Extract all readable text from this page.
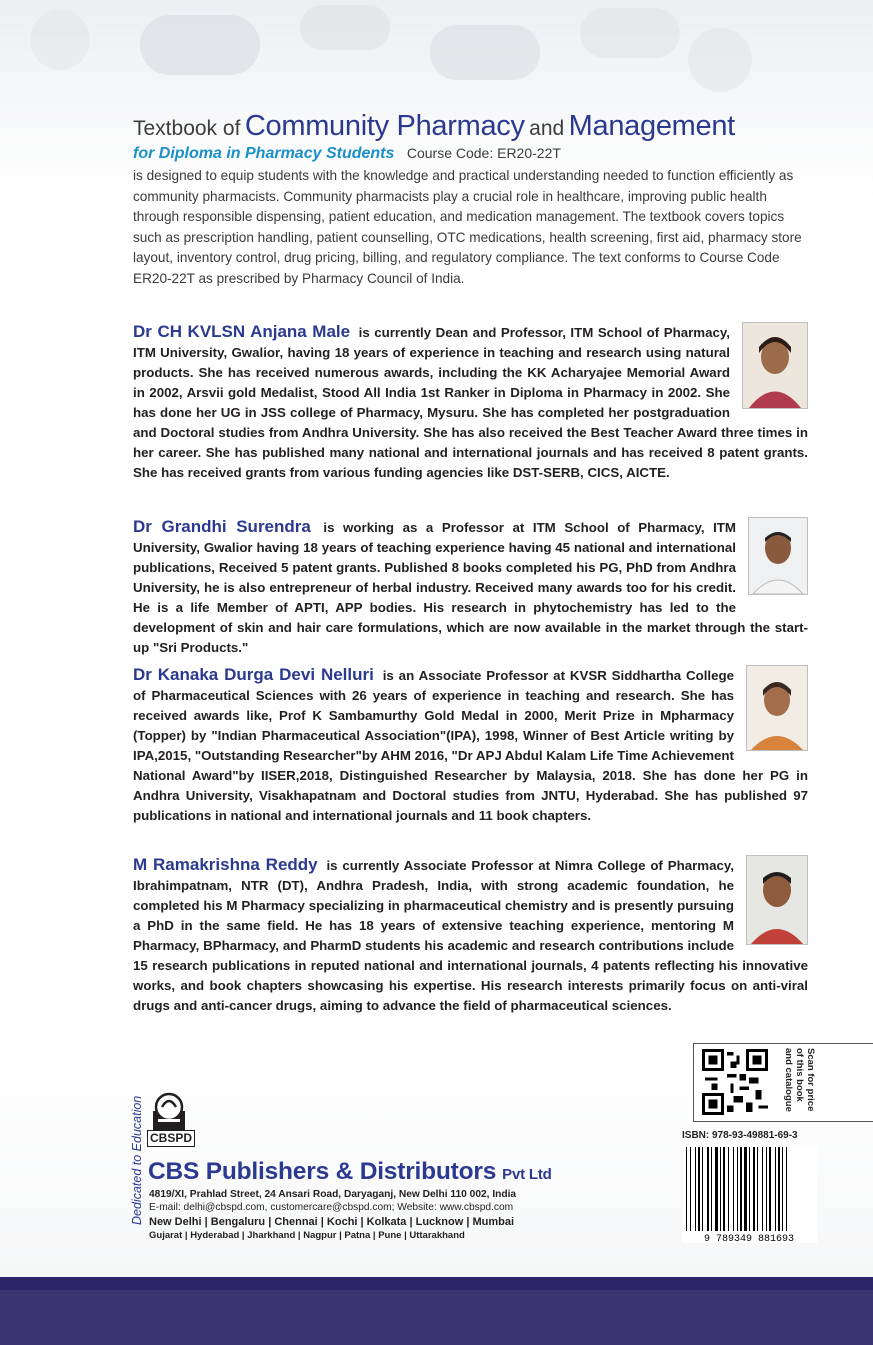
Textbook of Community Pharmacy and Management
for Diploma in Pharmacy Students Course Code: ER20-22T
is designed to equip students with the knowledge and practical understanding needed to function efficiently as community pharmacists. Community pharmacists play a crucial role in healthcare, improving public health through responsible dispensing, patient education, and medication management. The textbook covers topics such as prescription handling, patient counselling, OTC medications, health screening, first aid, pharmacy store layout, inventory control, drug pricing, billing, and regulatory compliance. The text conforms to Course Code ER20-22T as prescribed by Pharmacy Council of India.
Dr CH KVLSN Anjana Male is currently Dean and Professor, ITM School of Pharmacy, ITM University, Gwalior, having 18 years of experience in teaching and research using natural products. She has received numerous awards, including the KK Acharyajee Memorial Award in 2002, Arsvii gold Medalist, Stood All India 1st Ranker in Diploma in Pharmacy in 2002. She has done her UG in JSS college of Pharmacy, Mysuru. She has completed her postgraduation and Doctoral studies from Andhra University. She has also received the Best Teacher Award three times in her career. She has published many national and international journals and has received 8 patent grants. She has received grants from various funding agencies like DST-SERB, CICS, AICTE.
Dr Grandhi Surendra is working as a Professor at ITM School of Pharmacy, ITM University, Gwalior having 18 years of teaching experience having 45 national and international publications, Received 5 patent grants. Published 8 books completed his PG, PhD from Andhra University, he is also entrepreneur of herbal industry. Received many awards too for his credit. He is a life Member of APTI, APP bodies. His research in phytochemistry has led to the development of skin and hair care formulations, which are now available in the market through the start-up "Sri Products."
Dr Kanaka Durga Devi Nelluri is an Associate Professor at KVSR Siddhartha College of Pharmaceutical Sciences with 26 years of experience in teaching and research. She has received awards like, Prof K Sambamurthy Gold Medal in 2000, Merit Prize in Mpharmacy (Topper) by "Indian Pharmaceutical Association"(IPA), 1998, Winner of Best Article writing by IPA,2015, "Outstanding Researcher"by AHM 2016, "Dr APJ Abdul Kalam Life Time Achievement National Award"by IISER,2018, Distinguished Researcher by Malaysia, 2018. She has done her PG in Andhra University, Visakhapatnam and Doctoral studies from JNTU, Hyderabad. She has published 97 publications in national and international journals and 11 book chapters.
M Ramakrishna Reddy is currently Associate Professor at Nimra College of Pharmacy, Ibrahimpatnam, NTR (DT), Andhra Pradesh, India, with strong academic foundation, he completed his M Pharmacy specializing in pharmaceutical chemistry and is presently pursuing a PhD in the same field. He has 18 years of extensive teaching experience, mentoring M Pharmacy, BPharmacy, and PharmD students his academic and research contributions include 15 research publications in reputed national and international journals, 4 patents reflecting his innovative works, and book chapters showcasing his expertise. His research interests primarily focus on anti-viral drugs and anti-cancer drugs, aiming to advance the field of pharmaceutical sciences.
Dedicated to Education CBSPD
CBS Publishers & Distributors Pvt Ltd
4819/XI, Prahlad Street, 24 Ansari Road, Daryaganj, New Delhi 110 002, India
E-mail: delhi@cbspd.com, customercare@cbspd.com; Website: www.cbspd.com
New Delhi | Bengaluru | Chennai | Kochi | Kolkata | Lucknow | Mumbai
Gujarat | Hyderabad | Jharkhand | Nagpur | Patna | Pune | Uttarakhand
Scan for price of this book and catalogue
ISBN: 978-93-49881-69-3
9 789349 881693
